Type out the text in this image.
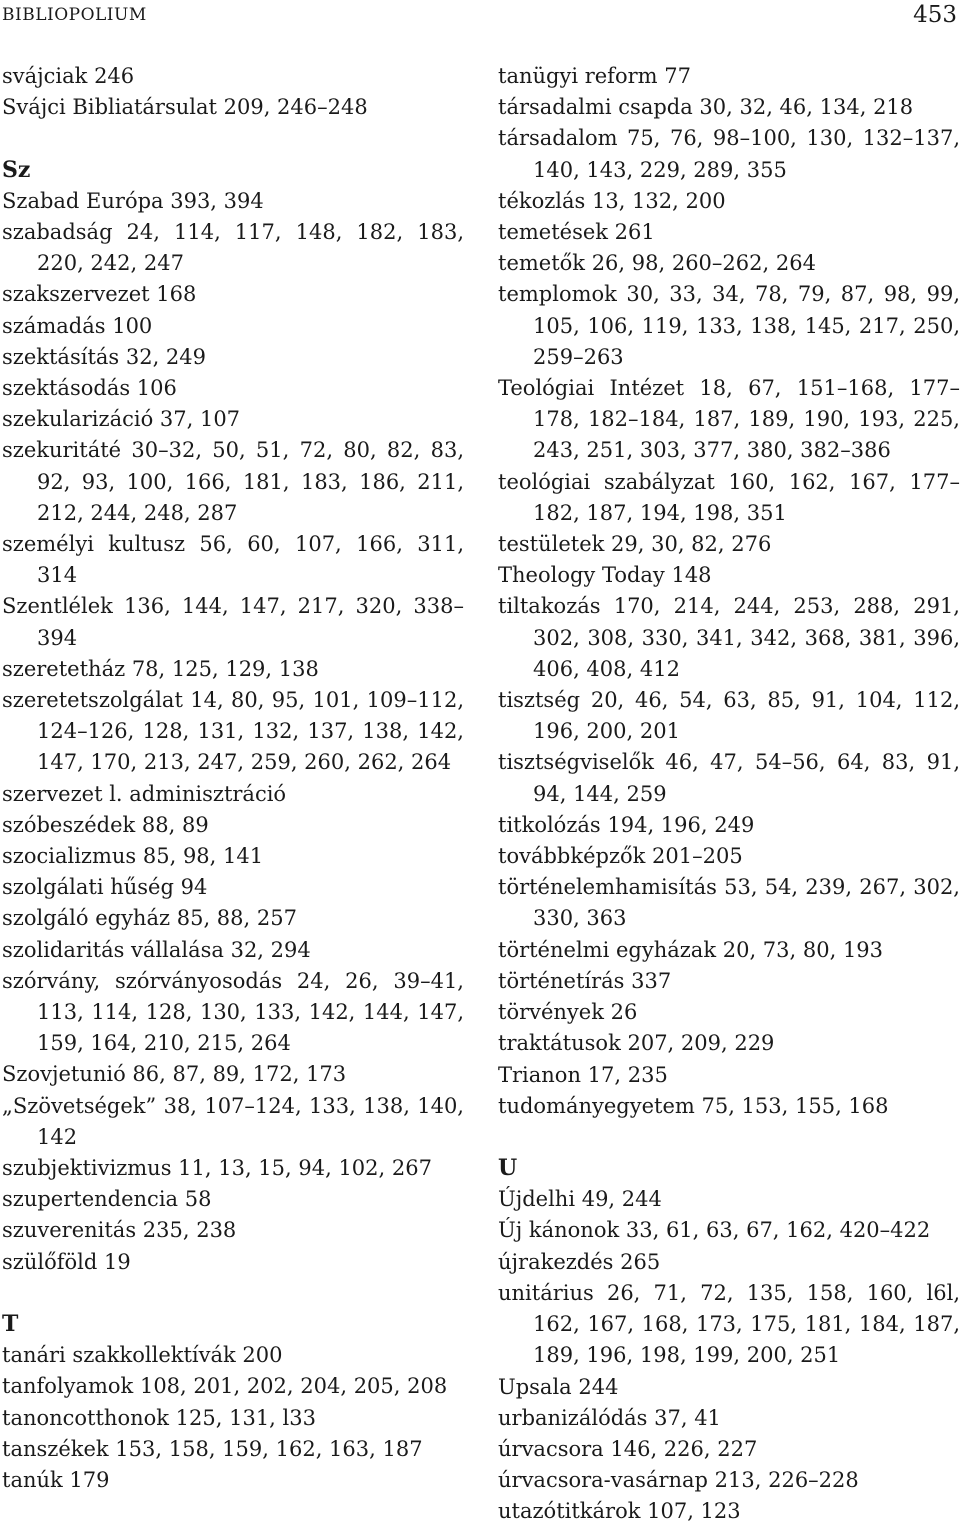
BIBLIOPOLIUM	453
svájciak 246
Svájci Bibliatársulat 209, 246–248
Sz
Szabad Európa 393, 394
szabadság 24, 114, 117, 148, 182, 183, 220, 242, 247
szakszervezet 168
számadás 100
szektásítás 32, 249
szektásodás 106
szekularizáció 37, 107
szekuritáté 30–32, 50, 51, 72, 80, 82, 83, 92, 93, 100, 166, 181, 183, 186, 211, 212, 244, 248, 287
személyi kultusz 56, 60, 107, 166, 311, 314
Szentlélek 136, 144, 147, 217, 320, 338–394
szeretetház 78, 125, 129, 138
szeretetszolgálat 14, 80, 95, 101, 109–112, 124–126, 128, 131, 132, 137, 138, 142, 147, 170, 213, 247, 259, 260, 262, 264
szervezet l. adminisztráció
szóbeszédek 88, 89
szocializmus 85, 98, 141
szolgálati hűség 94
szolgáló egyház 85, 88, 257
szolidaritás vállalása 32, 294
szórvány, szórványosodás 24, 26, 39–41, 113, 114, 128, 130, 133, 142, 144, 147, 159, 164, 210, 215, 264
Szovjetunió 86, 87, 89, 172, 173
„Szövetségek” 38, 107–124, 133, 138, 140, 142
szubjektivizmus 11, 13, 15, 94, 102, 267
szupertendencia 58
szuverenitás 235, 238
szülőföld 19
T
tanári szakkollektívák 200
tanfolyamok 108, 201, 202, 204, 205, 208
tanoncotthonok 125, 131, l33
tanszékek 153, 158, 159, 162, 163, 187
tanúk 179
tanügyi reform 77
társadalmi csapda 30, 32, 46, 134, 218
társadalom 75, 76, 98–100, 130, 132–137, 140, 143, 229, 289, 355
tékozlás 13, 132, 200
temetések 261
temetők 26, 98, 260–262, 264
templomok 30, 33, 34, 78, 79, 87, 98, 99, 105, 106, 119, 133, 138, 145, 217, 250, 259–263
Teológiai Intézet 18, 67, 151–168, 177–178, 182–184, 187, 189, 190, 193, 225, 243, 251, 303, 377, 380, 382–386
teológiai szabályzat 160, 162, 167, 177–182, 187, 194, 198, 351
testületek 29, 30, 82, 276
Theology Today 148
tiltakozás 170, 214, 244, 253, 288, 291, 302, 308, 330, 341, 342, 368, 381, 396, 406, 408, 412
tisztség 20, 46, 54, 63, 85, 91, 104, 112, 196, 200, 201
tisztségviselők 46, 47, 54–56, 64, 83, 91, 94, 144, 259
titkolózás 194, 196, 249
továbbképzők 201–205
történelemhamisítás 53, 54, 239, 267, 302, 330, 363
történelmi egyházak 20, 73, 80, 193
történetírás 337
törvények 26
traktátusok 207, 209, 229
Trianon 17, 235
tudományegyetem 75, 153, 155, 168
U
Újdelhi 49, 244
Új kánonok 33, 61, 63, 67, 162, 420–422
újrakezdés 265
unitárius 26, 71, 72, 135, 158, 160, l6l, 162, 167, 168, 173, 175, 181, 184, 187, 189, 196, 198, 199, 200, 251
Upsala 244
urbanizálódás 37, 41
úrvacsora 146, 226, 227
úrvacsora-vasárnap 213, 226–228
utazótitkárok 107, 123
